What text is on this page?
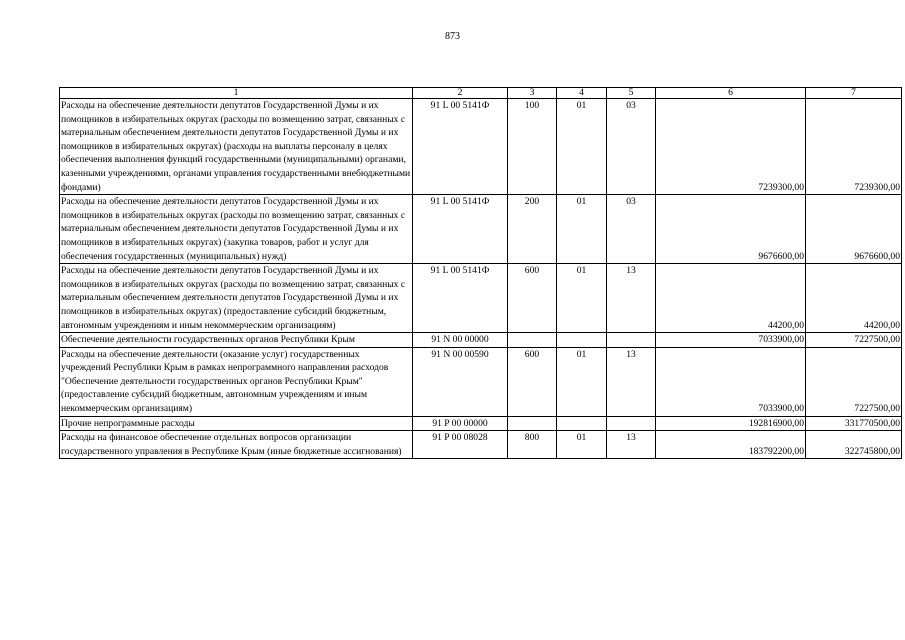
873
1	2	3	4	5	6	7
Расходы на обеспечение деятельности депутатов Государственной Думы и их помощников в избирательных округах (расходы по возмещению затрат, связанных с материальным обеспечением деятельности депутатов Государственной Думы и их помощников в избирательных округах) (расходы на выплаты персоналу в целях обеспечения выполнения функций государственными (муниципальными) органами, казенными учреждениями, органами управления государственными внебюджетными фондами)	91 L 00 5141Ф	100	01	03	7239300,00	7239300,00
Расходы на обеспечение деятельности депутатов Государственной Думы и их помощников в избирательных округах (расходы по возмещению затрат, связанных с материальным обеспечением деятельности депутатов Государственной Думы и их помощников в избирательных округах) (закупка товаров, работ и услуг для обеспечения государственных (муниципальных) нужд)	91 L 00 5141Ф	200	01	03	9676600,00	9676600,00
Расходы на обеспечение деятельности депутатов Государственной Думы и их помощников в избирательных округах (расходы по возмещению затрат, связанных с материальным обеспечением деятельности депутатов Государственной Думы и их помощников в избирательных округах) (предоставление субсидий бюджетным, автономным учреждениям и иным некоммерческим организациям)	91 L 00 5141Ф	600	01	13	44200,00	44200,00
Обеспечение деятельности государственных органов Республики Крым	91 N 00 00000				7033900,00	7227500,00
Расходы на обеспечение деятельности (оказание услуг) государственных учреждений Республики Крым в рамках непрограммного направления расходов "Обеспечение деятельности государственных органов Республики Крым" (предоставление субсидий бюджетным, автономным учреждениям и иным некоммерческим организациям)	91 N 00 00590	600	01	13	7033900,00	7227500,00
Прочие непрограммные расходы	91 P 00 00000				192816900,00	331770500,00
Расходы на финансовое обеспечение отдельных вопросов организации государственного управления в Республике Крым (иные бюджетные ассигнования)	91 P 00 08028	800	01	13	183792200,00	322745800,00
